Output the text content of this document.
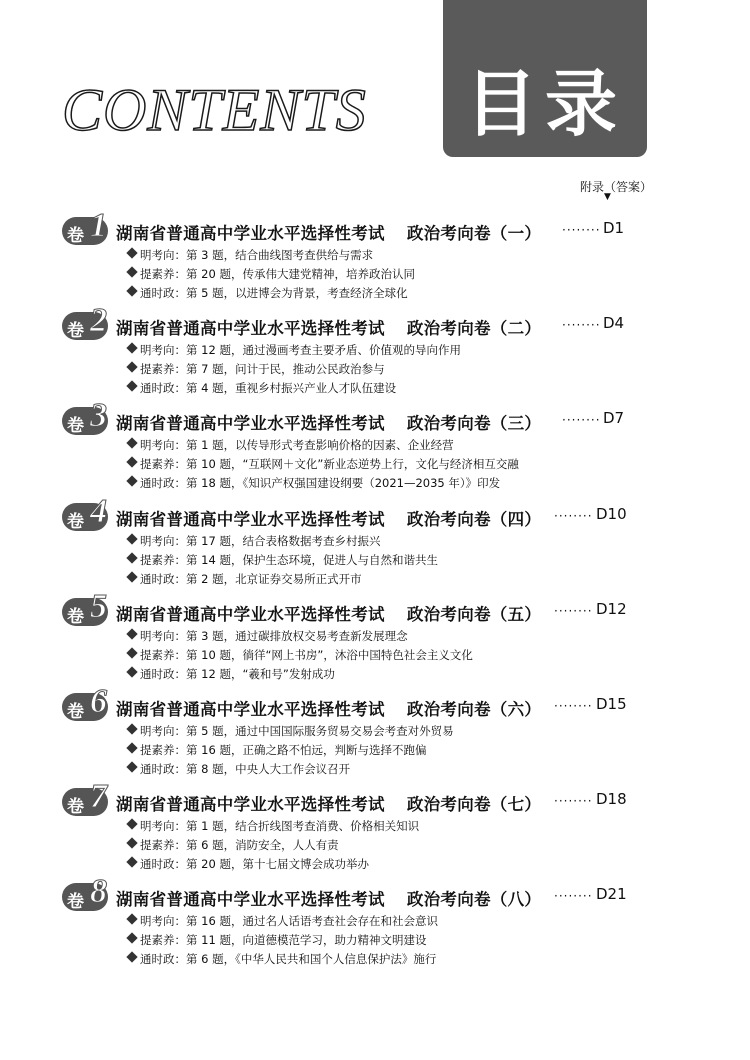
CONTENTS	目录
附录（答案）
▼
卷 1 湖南省普通高中学业水平选择性考试 政治考向卷（一） ········ D1
明考向：第 3 题，结合曲线图考查供给与需求
提素养：第 20 题，传承伟大建党精神，培养政治认同
通时政：第 5 题，以进博会为背景，考查经济全球化
卷 2 湖南省普通高中学业水平选择性考试 政治考向卷（二） ········ D4
明考向：第 12 题，通过漫画考查主要矛盾、价值观的导向作用
提素养：第 7 题，问计于民，推动公民政治参与
通时政：第 4 题，重视乡村振兴产业人才队伍建设
卷 3 湖南省普通高中学业水平选择性考试 政治考向卷（三） ········ D7
明考向：第 1 题，以传导形式考查影响价格的因素、企业经营
提素养：第 10 题，“互联网＋文化”新业态逆势上行，文化与经济相互交融
通时政：第 18 题，《知识产权强国建设纲要（2021—2035 年）》印发
卷 4 湖南省普通高中学业水平选择性考试 政治考向卷（四） ········ D10
明考向：第 17 题，结合表格数据考查乡村振兴
提素养：第 14 题，保护生态环境，促进人与自然和谐共生
通时政：第 2 题，北京证券交易所正式开市
卷 5 湖南省普通高中学业水平选择性考试 政治考向卷（五） ········ D12
明考向：第 3 题，通过碳排放权交易考查新发展理念
提素养：第 10 题，徜徉“网上书房”，沐浴中国特色社会主义文化
通时政：第 12 题，“羲和号”发射成功
卷 6 湖南省普通高中学业水平选择性考试 政治考向卷（六） ········ D15
明考向：第 5 题，通过中国国际服务贸易交易会考查对外贸易
提素养：第 16 题，正确之路不怕远，判断与选择不跑偏
通时政：第 8 题，中央人大工作会议召开
卷 7 湖南省普通高中学业水平选择性考试 政治考向卷（七） ········ D18
明考向：第 1 题，结合折线图考查消费、价格相关知识
提素养：第 6 题，消防安全，人人有责
通时政：第 20 题，第十七届文博会成功举办
卷 8 湖南省普通高中学业水平选择性考试 政治考向卷（八） ········ D21
明考向：第 16 题，通过名人话语考查社会存在和社会意识
提素养：第 11 题，向道德模范学习，助力精神文明建设
通时政：第 6 题，《中华人民共和国个人信息保护法》施行
